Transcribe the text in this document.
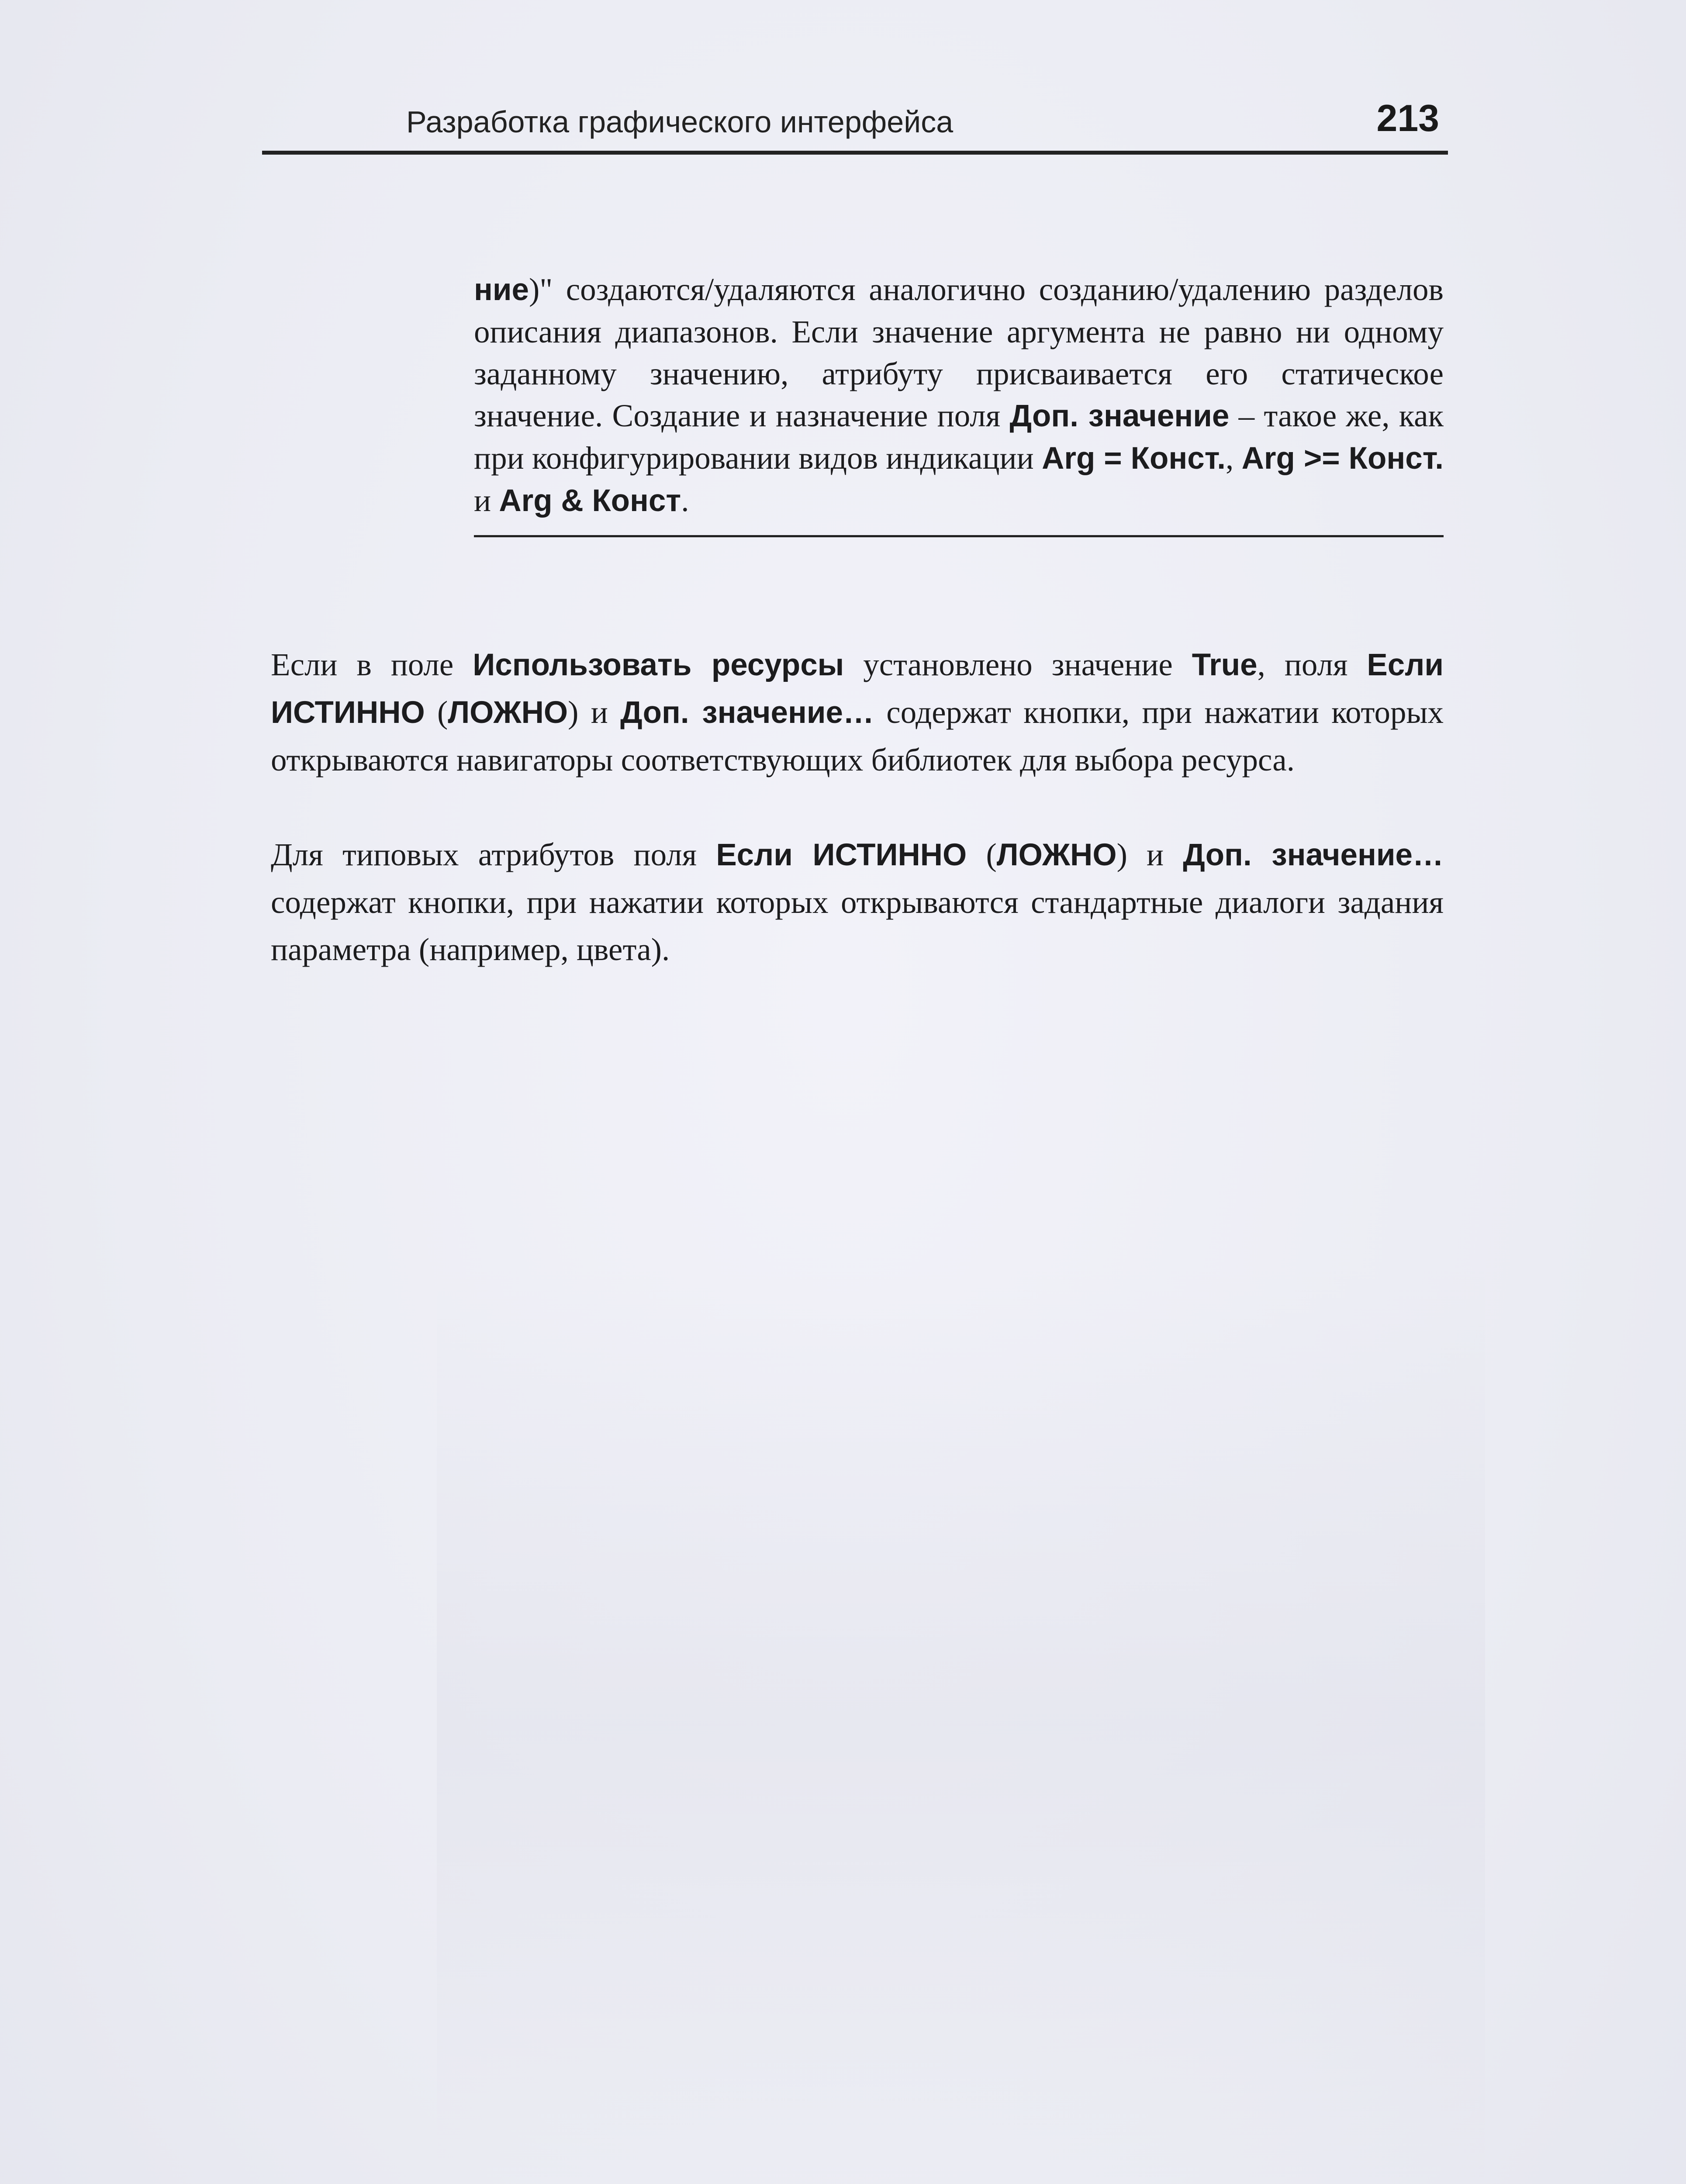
Разработка графического интерфейса	213
ние)" создаются/удаляются аналогично созданию/удалению разделов описания диапазонов. Если значение аргумента не равно ни одному заданному значению, атрибуту присваивается его статическое значение. Создание и назначение поля Доп. значение – такое же, как при конфигурировании видов индикации Arg = Конст., Arg >= Конст. и Arg & Конст.

Если в поле Использовать ресурсы установлено значение True, поля Если ИСТИННО (ЛОЖНО) и Доп. значение… содержат кнопки, при нажатии которых открываются навигаторы соответствующих библиотек для выбора ресурса.

Для типовых атрибутов поля Если ИСТИННО (ЛОЖНО) и Доп. значение… содержат кнопки, при нажатии которых открываются стандартные диалоги задания параметра (например, цвета).
